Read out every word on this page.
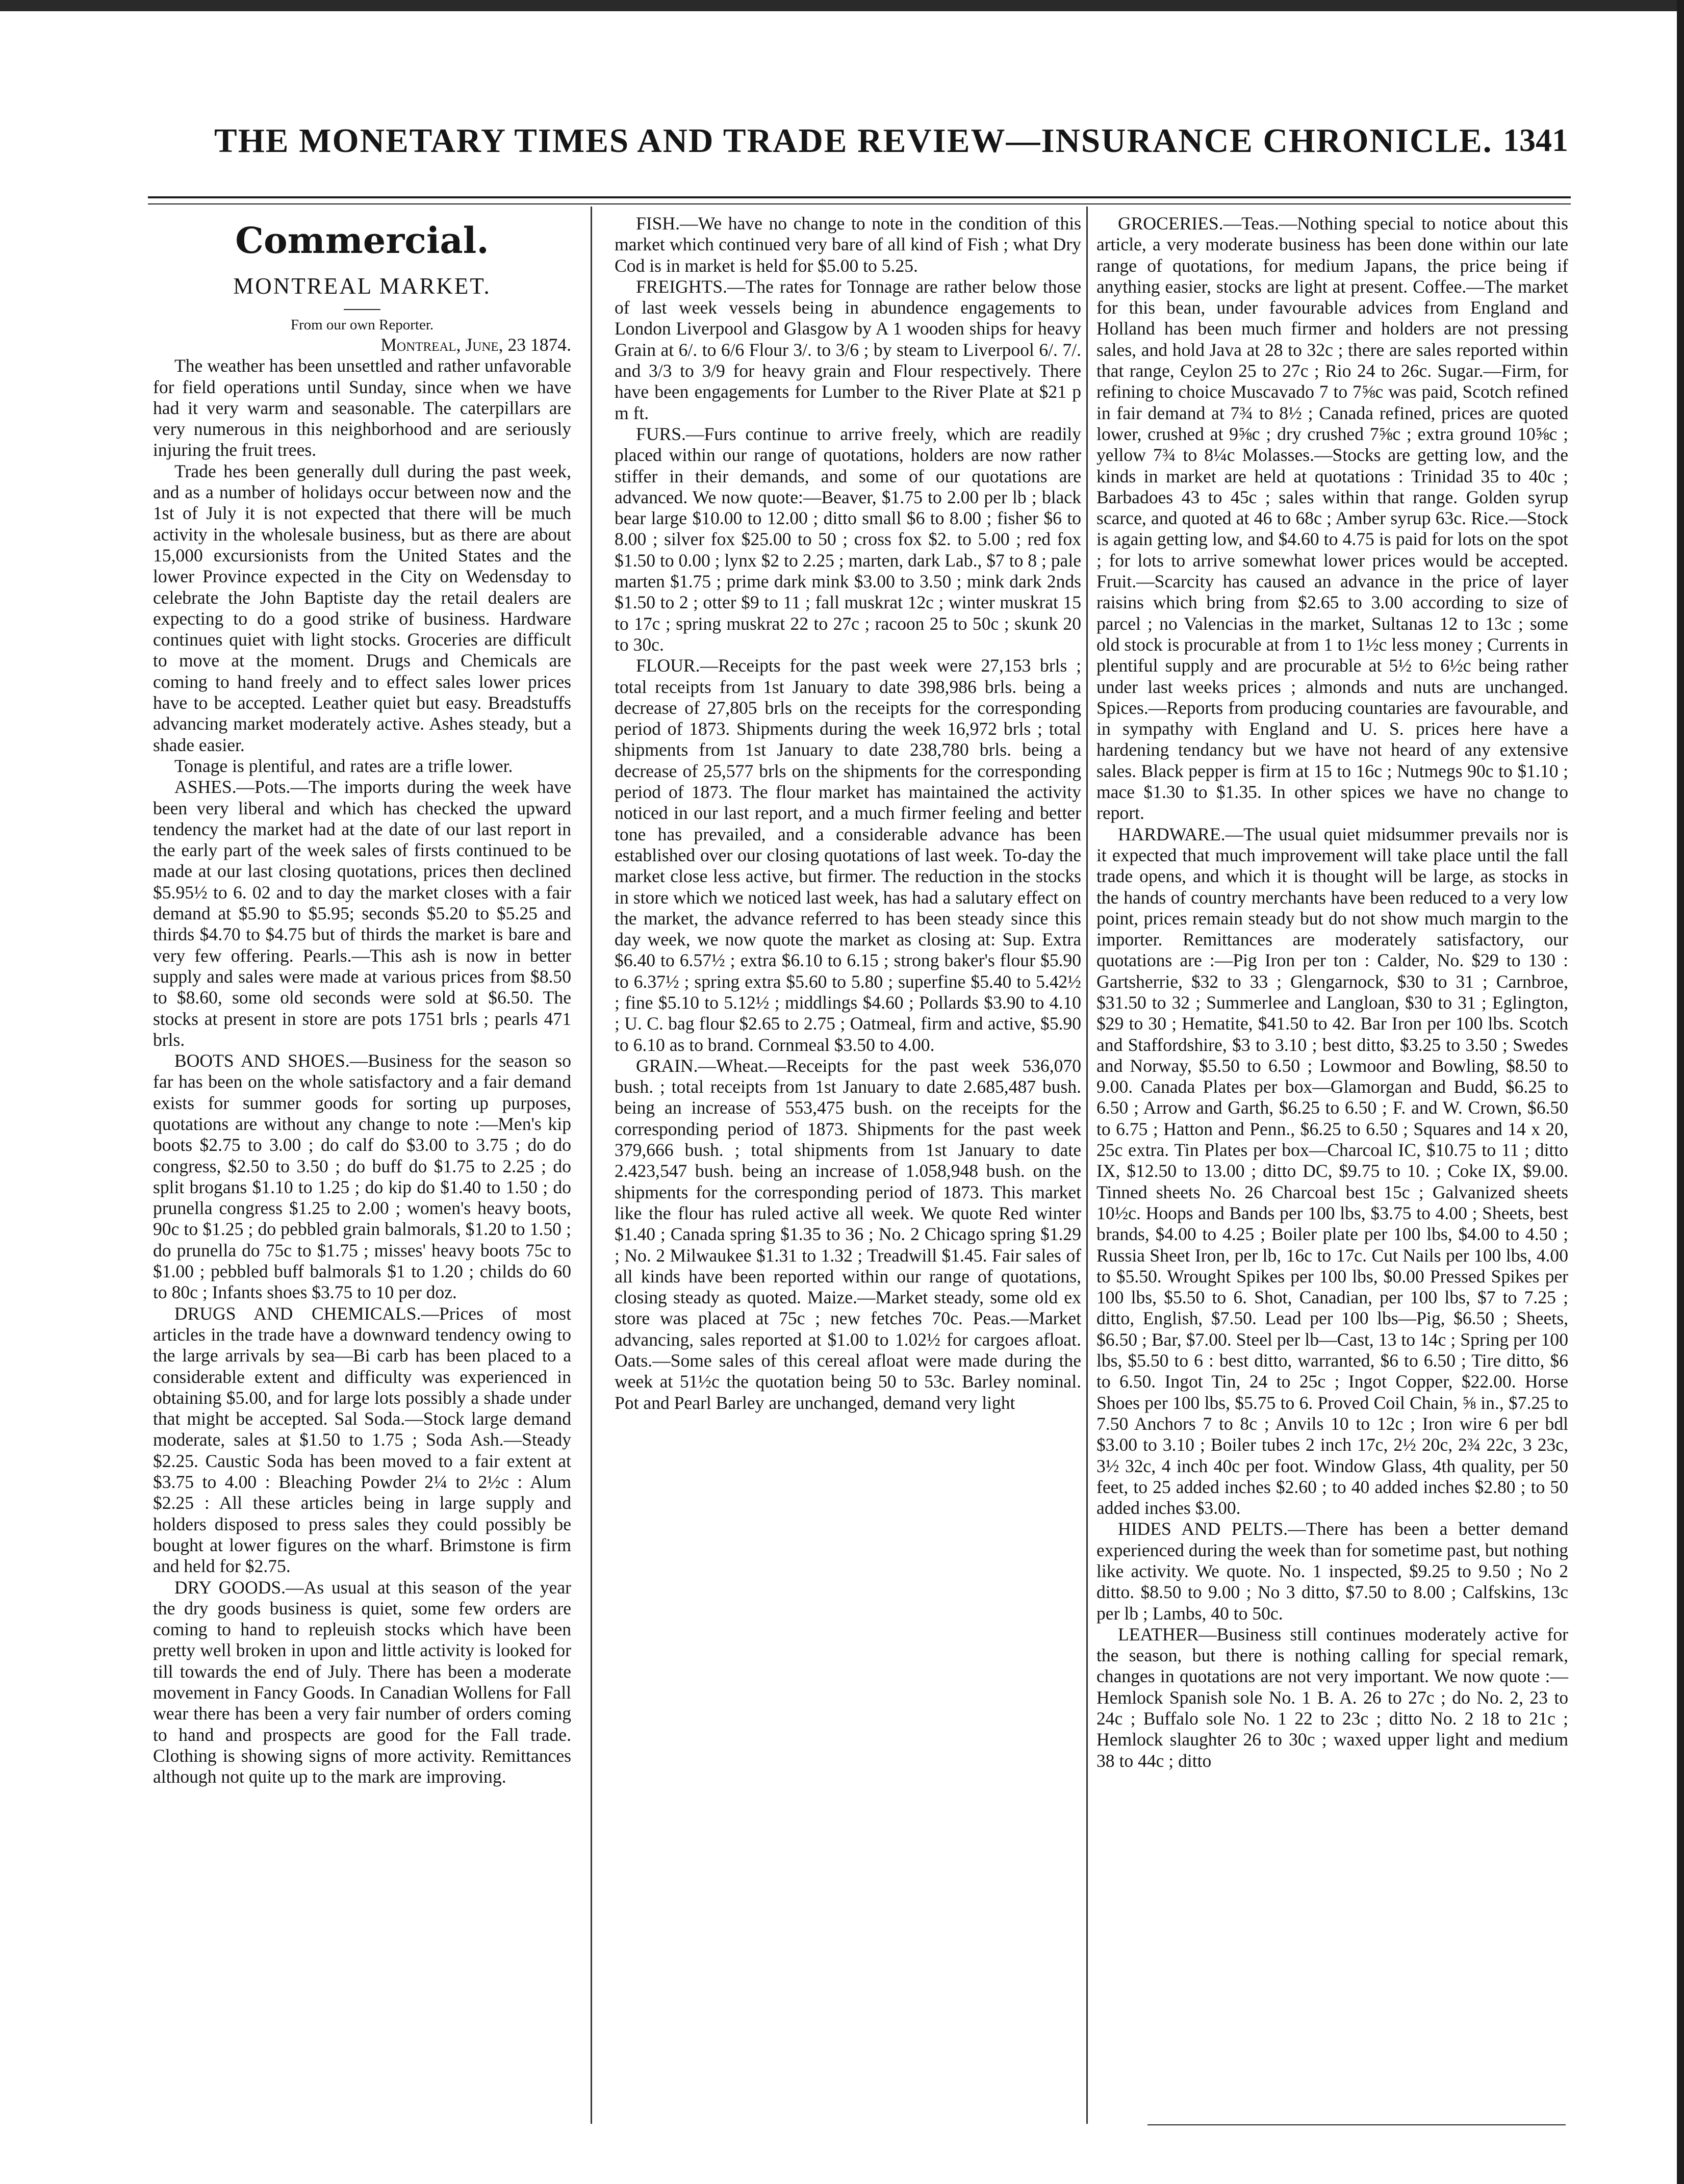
THE MONETARY TIMES AND TRADE REVIEW—INSURANCE CHRONICLE. 1341
Commercial.
MONTREAL MARKET.

From our own Reporter.

Montreal, June, 23 1874.

The weather has been unsettled and rather unfavorable for field operations until Sunday, since when we have had it very warm and seasonable. The caterpillars are very numerous in this neighborhood and are seriously injuring the fruit trees.

Trade hes been generally dull during the past week, and as a number of holidays occur between now and the 1st of July it is not expected that there will be much activity in the wholesale business, but as there are about 15,000 excursionists from the United States and the lower Province expected in the City on Wedensday to celebrate the John Baptiste day the retail dealers are expecting to do a good strike of business. Hardware continues quiet with light stocks. Groceries are difficult to move at the moment. Drugs and Chemicals are coming to hand freely and to effect sales lower prices have to be accepted. Leather quiet but easy. Breadstuffs advancing market moderately active. Ashes steady, but a shade easier.

Tonage is plentiful, and rates are a trifle lower.

ASHES.—Pots.—The imports during the week have been very liberal and which has checked the upward tendency the market had at the date of our last report in the early part of the week sales of firsts continued to be made at our last closing quotations, prices then declined $5.95½ to 6. 02 and to day the market closes with a fair demand at $5.90 to $5.95; seconds $5.20 to $5.25 and thirds $4.70 to $4.75 but of thirds the market is bare and very few offering. Pearls.—This ash is now in better supply and sales were made at various prices from $8.50 to $8.60, some old seconds were sold at $6.50. The stocks at present in store are pots 1751 brls ; pearls 471 brls.

BOOTS AND SHOES.—Business for the season so far has been on the whole satisfactory and a fair demand exists for summer goods for sorting up purposes, quotations are without any change to note :—Men's kip boots $2.75 to 3.00 ; do calf do $3.00 to 3.75 ; do do congress, $2.50 to 3.50 ; do buff do $1.75 to 2.25 ; do split brogans $1.10 to 1.25 ; do kip do $1.40 to 1.50 ; do prunella congress $1.25 to 2.00 ; women's heavy boots, 90c to $1.25 ; do pebbled grain balmorals, $1.20 to 1.50 ; do prunella do 75c to $1.75 ; misses' heavy boots 75c to $1.00 ; pebbled buff balmorals $1 to 1.20 ; childs do 60 to 80c ; Infants shoes $3.75 to 10 per doz.

DRUGS AND CHEMICALS.—Prices of most articles in the trade have a downward tendency owing to the large arrivals by sea—Bi carb has been placed to a considerable extent and difficulty was experienced in obtaining $5.00, and for large lots possibly a shade under that might be accepted. Sal Soda.—Stock large demand moderate, sales at $1.50 to 1.75 ; Soda Ash.—Steady $2.25. Caustic Soda has been moved to a fair extent at $3.75 to 4.00 : Bleaching Powder 2¼ to 2½c : Alum $2.25 : All these articles being in large supply and holders disposed to press sales they could possibly be bought at lower figures on the wharf. Brimstone is firm and held for $2.75.

DRY GOODS.—As usual at this season of the year the dry goods business is quiet, some few orders are coming to hand to repleuish stocks which have been pretty well broken in upon and little activity is looked for till towards the end of July. There has been a moderate movement in Fancy Goods. In Canadian Wollens for Fall wear there has been a very fair number of orders coming to hand and prospects are good for the Fall trade. Clothing is showing signs of more activity. Remittances although not quite up to the mark are improving.

FISH.—We have no change to note in the condition of this market which continued very bare of all kind of Fish ; what Dry Cod is in market is held for $5.00 to 5.25.

FREIGHTS.—The rates for Tonnage are rather below those of last week vessels being in abundence engagements to London Liverpool and Glasgow by A 1 wooden ships for heavy Grain at 6/. to 6/6 Flour 3/. to 3/6 ; by steam to Liverpool 6/. 7/. and 3/3 to 3/9 for heavy grain and Flour respectively. There have been engagements for Lumber to the River Plate at $21 p m ft.

FURS.—Furs continue to arrive freely, which are readily placed within our range of quotations, holders are now rather stiffer in their demands, and some of our quotations are advanced. We now quote:—Beaver, $1.75 to 2.00 per lb ; black bear large $10.00 to 12.00 ; ditto small $6 to 8.00 ; fisher $6 to 8.00 ; silver fox $25.00 to 50 ; cross fox $2. to 5.00 ; red fox $1.50 to 0.00 ; lynx $2 to 2.25 ; marten, dark Lab., $7 to 8 ; pale marten $1.75 ; prime dark mink $3.00 to 3.50 ; mink dark 2nds $1.50 to 2 ; otter $9 to 11 ; fall muskrat 12c ; winter muskrat 15 to 17c ; spring muskrat 22 to 27c ; racoon 25 to 50c ; skunk 20 to 30c.

FLOUR.—Receipts for the past week were 27,153 brls ; total receipts from 1st January to date 398,986 brls. being a decrease of 27,805 brls on the receipts for the corresponding period of 1873. Shipments during the week 16,972 brls ; total shipments from 1st January to date 238,780 brls. being a decrease of 25,577 brls on the shipments for the corresponding period of 1873. The flour market has maintained the activity noticed in our last report, and a much firmer feeling and better tone has prevailed, and a considerable advance has been established over our closing quotations of last week. To-day the market close less active, but firmer. The reduction in the stocks in store which we noticed last week, has had a salutary effect on the market, the advance referred to has been steady since this day week, we now quote the market as closing at: Sup. Extra $6.40 to 6.57½ ; extra $6.10 to 6.15 ; strong baker's flour $5.90 to 6.37½ ; spring extra $5.60 to 5.80 ; superfine $5.40 to 5.42½ ; fine $5.10 to 5.12½ ; middlings $4.60 ; Pollards $3.90 to 4.10 ; U. C. bag flour $2.65 to 2.75 ; Oatmeal, firm and active, $5.90 to 6.10 as to brand. Cornmeal $3.50 to 4.00.

GRAIN.—Wheat.—Receipts for the past week 536,070 bush. ; total receipts from 1st January to date 2.685,487 bush. being an increase of 553,475 bush. on the receipts for the corresponding period of 1873. Shipments for the past week 379,666 bush. ; total shipments from 1st January to date 2.423,547 bush. being an increase of 1.058,948 bush. on the shipments for the corresponding period of 1873. This market like the flour has ruled active all week. We quote Red winter $1.40 ; Canada spring $1.35 to 36 ; No. 2 Chicago spring $1.29 ; No. 2 Milwaukee $1.31 to 1.32 ; Treadwill $1.45. Fair sales of all kinds have been reported within our range of quotations, closing steady as quoted. Maize.—Market steady, some old ex store was placed at 75c ; new fetches 70c. Peas.—Market advancing, sales reported at $1.00 to 1.02½ for cargoes afloat. Oats.—Some sales of this cereal afloat were made during the week at 51½c the quotation being 50 to 53c. Barley nominal. Pot and Pearl Barley are unchanged, demand very light

GROCERIES.—Teas.—Nothing special to notice about this article, a very moderate business has been done within our late range of quotations, for medium Japans, the price being if anything easier, stocks are light at present. Coffee.—The market for this bean, under favourable advices from England and Holland has been much firmer and holders are not pressing sales, and hold Java at 28 to 32c ; there are sales reported within that range, Ceylon 25 to 27c ; Rio 24 to 26c. Sugar.—Firm, for refining to choice Muscavado 7 to 7⅝c was paid, Scotch refined in fair demand at 7¾ to 8½ ; Canada refined, prices are quoted lower, crushed at 9⅝c ; dry crushed 7⅝c ; extra ground 10⅝c ; yellow 7¾ to 8¼c Molasses.—Stocks are getting low, and the kinds in market are held at quotations : Trinidad 35 to 40c ; Barbadoes 43 to 45c ; sales within that range. Golden syrup scarce, and quoted at 46 to 68c ; Amber syrup 63c. Rice.—Stock is again getting low, and $4.60 to 4.75 is paid for lots on the spot ; for lots to arrive somewhat lower prices would be accepted. Fruit.—Scarcity has caused an advance in the price of layer raisins which bring from $2.65 to 3.00 according to size of parcel ; no Valencias in the market, Sultanas 12 to 13c ; some old stock is procurable at from 1 to 1½c less money ; Currents in plentiful supply and are procurable at 5½ to 6½c being rather under last weeks prices ; almonds and nuts are unchanged. Spices.—Reports from producing countaries are favourable, and in sympathy with England and U. S. prices here have a hardening tendancy but we have not heard of any extensive sales. Black pepper is firm at 15 to 16c ; Nutmegs 90c to $1.10 ; mace $1.30 to $1.35. In other spices we have no change to report.

HARDWARE.—The usual quiet midsummer prevails nor is it expected that much improvement will take place until the fall trade opens, and which it is thought will be large, as stocks in the hands of country merchants have been reduced to a very low point, prices remain steady but do not show much margin to the importer. Remittances are moderately satisfactory, our quotations are :—Pig Iron per ton : Calder, No. $29 to 130 : Gartsherrie, $32 to 33 ; Glengarnock, $30 to 31 ; Carnbroe, $31.50 to 32 ; Summerlee and Langloan, $30 to 31 ; Eglington, $29 to 30 ; Hematite, $41.50 to 42. Bar Iron per 100 lbs. Scotch and Staffordshire, $3 to 3.10 ; best ditto, $3.25 to 3.50 ; Swedes and Norway, $5.50 to 6.50 ; Lowmoor and Bowling, $8.50 to 9.00. Canada Plates per box—Glamorgan and Budd, $6.25 to 6.50 ; Arrow and Garth, $6.25 to 6.50 ; F. and W. Crown, $6.50 to 6.75 ; Hatton and Penn., $6.25 to 6.50 ; Squares and 14 x 20, 25c extra. Tin Plates per box—Charcoal IC, $10.75 to 11 ; ditto IX, $12.50 to 13.00 ; ditto DC, $9.75 to 10. ; Coke IX, $9.00. Tinned sheets No. 26 Charcoal best 15c ; Galvanized sheets 10½c. Hoops and Bands per 100 lbs, $3.75 to 4.00 ; Sheets, best brands, $4.00 to 4.25 ; Boiler plate per 100 lbs, $4.00 to 4.50 ; Russia Sheet Iron, per lb, 16c to 17c. Cut Nails per 100 lbs, 4.00 to $5.50. Wrought Spikes per 100 lbs, $0.00 Pressed Spikes per 100 lbs, $5.50 to 6. Shot, Canadian, per 100 lbs, $7 to 7.25 ; ditto, English, $7.50. Lead per 100 lbs—Pig, $6.50 ; Sheets, $6.50 ; Bar, $7.00. Steel per lb—Cast, 13 to 14c ; Spring per 100 lbs, $5.50 to 6 : best ditto, warranted, $6 to 6.50 ; Tire ditto, $6 to 6.50. Ingot Tin, 24 to 25c ; Ingot Copper, $22.00. Horse Shoes per 100 lbs, $5.75 to 6. Proved Coil Chain, ⅝ in., $7.25 to 7.50 Anchors 7 to 8c ; Anvils 10 to 12c ; Iron wire 6 per bdl $3.00 to 3.10 ; Boiler tubes 2 inch 17c, 2½ 20c, 2¾ 22c, 3 23c, 3½ 32c, 4 inch 40c per foot. Window Glass, 4th quality, per 50 feet, to 25 added inches $2.60 ; to 40 added inches $2.80 ; to 50 added inches $3.00.

HIDES AND PELTS.—There has been a better demand experienced during the week than for sometime past, but nothing like activity. We quote. No. 1 inspected, $9.25 to 9.50 ; No 2 ditto. $8.50 to 9.00 ; No 3 ditto, $7.50 to 8.00 ; Calfskins, 13c per lb ; Lambs, 40 to 50c.

LEATHER—Business still continues moderately active for the season, but there is nothing calling for special remark, changes in quotations are not very important. We now quote :—Hemlock Spanish sole No. 1 B. A. 26 to 27c ; do No. 2, 23 to 24c ; Buffalo sole No. 1 22 to 23c ; ditto No. 2 18 to 21c ; Hemlock slaughter 26 to 30c ; waxed upper light and medium 38 to 44c ; ditto
